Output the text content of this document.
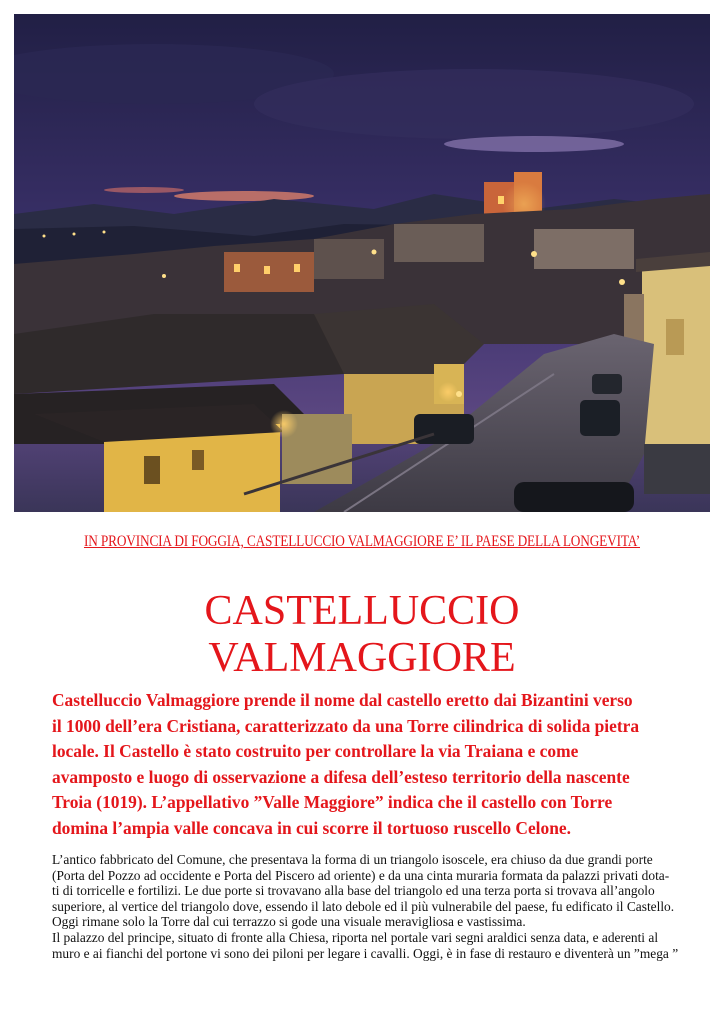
IN PROVINCIA DI FOGGIA, CASTELLUCCIO VALMAGGIORE E’ IL PAESE DELLA LONGEVITA’
CASTELLUCCIO
VALMAGGIORE

Castelluccio Valmaggiore prende il nome dal castello eretto dai Bizantini verso
il 1000 dell’era Cristiana, caratterizzato da una Torre cilindrica di solida pietra
locale. Il Castello è stato costruito per controllare la via Traiana e come
avamposto e luogo di osservazione a difesa dell’esteso territorio della nascente
Troia (1019). L’appellativo ”Valle Maggiore” indica che il castello con Torre
domina l’ampia valle concava in cui scorre il tortuoso ruscello Celone.

L’antico fabbricato del Comune, che presentava la forma di un triangolo isoscele, era chiuso da due grandi porte
(Porta del Pozzo ad occidente e Porta del Piscero ad oriente) e da una cinta muraria formata da palazzi privati dota-
ti di torricelle e fortilizi. Le due porte si trovavano alla base del triangolo ed una terza porta si trovava all’angolo
superiore, al vertice del triangolo dove, essendo il lato debole ed il più vulnerabile del paese, fu edificato il Castello.
Oggi rimane solo la Torre dal cui terrazzo si gode una visuale meravigliosa e vastissima.
Il palazzo del principe, situato di fronte alla Chiesa, riporta nel portale vari segni araldici senza data, e aderenti al
muro e ai fianchi del portone vi sono dei piloni per legare i cavalli. Oggi, è in fase di restauro e diventerà un ”mega ”
